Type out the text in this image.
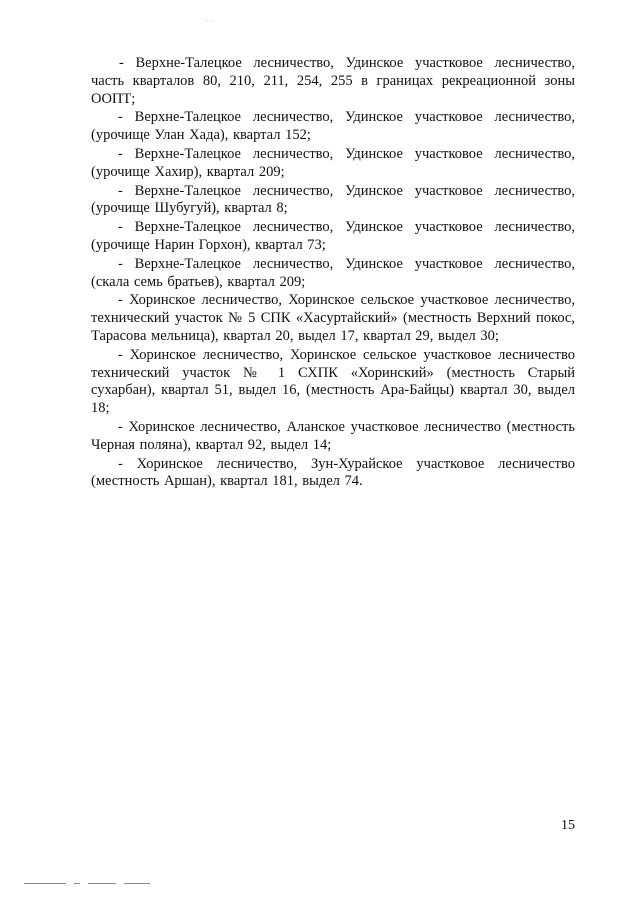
· ·

- Верхне-Талецкое лесничество, Удинское участковое лесничество, часть кварталов 80, 210, 211, 254, 255 в границах рекреационной зоны ООПТ;

- Верхне-Талецкое лесничество, Удинское участковое лесничество, (урочище Улан Хада), квартал 152;

- Верхне-Талецкое лесничество, Удинское участковое лесничество, (урочище Хахир), квартал 209;

- Верхне-Талецкое лесничество, Удинское участковое лесничество, (урочище Шубугуй), квартал 8;

- Верхне-Талецкое лесничество, Удинское участковое лесничество, (урочище Нарин Горхон), квартал 73;

- Верхне-Талецкое лесничество, Удинское участковое лесничество, (скала семь братьев), квартал 209;

- Хоринское лесничество, Хоринское сельское участковое лесничество, технический участок № 5 СПК «Хасуртайский» (местность Верхний покос, Тарасова мельница), квартал 20, выдел 17, квартал 29, выдел 30;

- Хоринское лесничество, Хоринское сельское участковое лесничество технический участок № 1 СХПК «Хоринский» (местность Старый сухарбан), квартал 51, выдел 16, (местность Ара-Байцы) квартал 30, выдел 18;

- Хоринское лесничество, Аланское участковое лесничество (местность Черная поляна), квартал 92, выдел 14;

- Хоринское лесничество, Зун-Хурайское участковое лесничество (местность Аршан), квартал 181, выдел 74.

15
